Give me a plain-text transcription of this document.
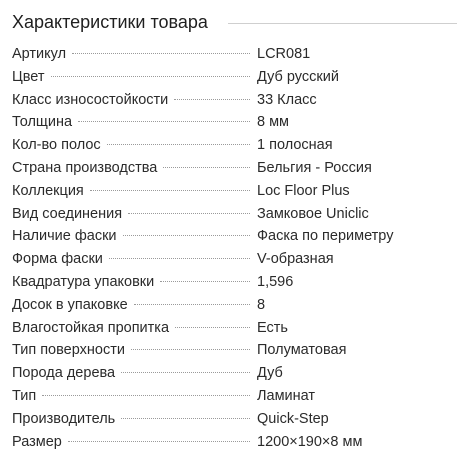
Характеристики товара
Артикул	LCR081
Цвет	Дуб русский
Класс износостойкости	33 Класс
Толщина	8 мм
Кол-во полос	1 полосная
Страна производства	Бельгия - Россия
Коллекция	Loc Floor Plus
Вид соединения	Замковое Uniclic
Наличие фаски	Фаска по периметру
Форма фаски	V-образная
Квадратура упаковки	1,596
Досок в упаковке	8
Влагостойкая пропитка	Есть
Тип поверхности	Полуматовая
Порода дерева	Дуб
Тип	Ламинат
Производитель	Quick-Step
Размер	1200×190×8 мм
